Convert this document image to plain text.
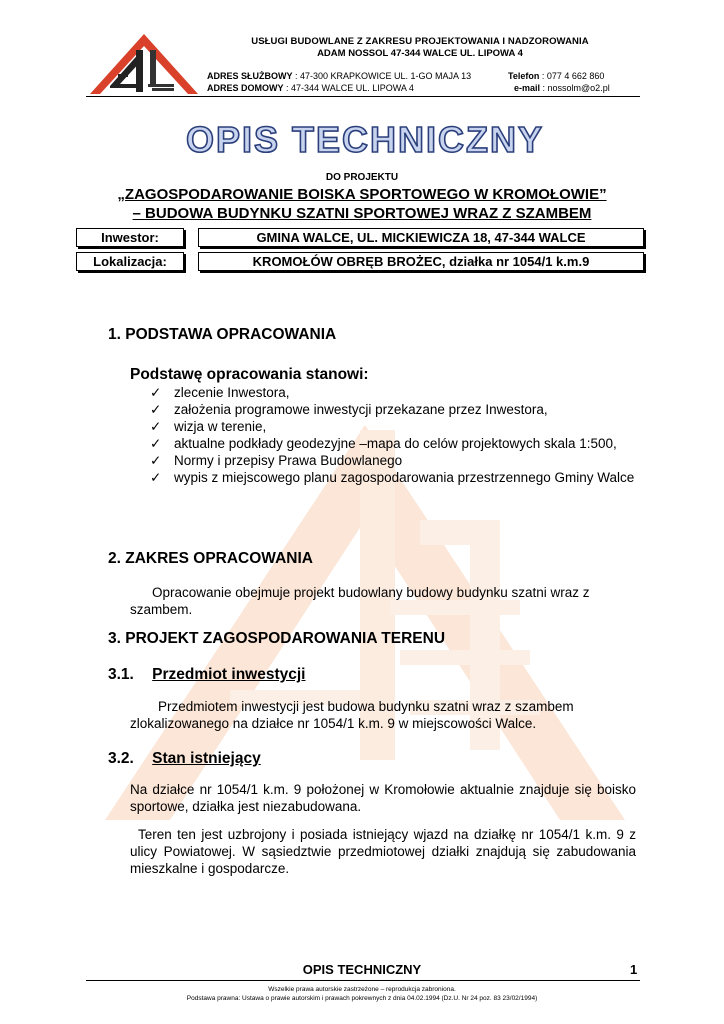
USŁUGI BUDOWLANE Z ZAKRESU PROJEKTOWANIA I NADZOROWANIA
ADAM NOSSOL 47-344 WALCE UL. LIPOWA 4
ADRES SŁUŻBOWY : 47-300 KRAPKOWICE UL. 1-GO MAJA 13
ADRES DOMOWY : 47-344 WALCE UL. LIPOWA 4
Telefon : 077 4 662 860
e-mail : nossolm@o2.pl
OPIS TECHNICZNY
DO PROJEKTU
„ZAGOSPODAROWANIE BOISKA SPORTOWEGO W KROMOŁOWIE”
– BUDOWA BUDYNKU SZATNI SPORTOWEJ WRAZ Z SZAMBEM
Inwestor:	GMINA WALCE, UL. MICKIEWICZA 18, 47-344 WALCE
Lokalizacja:	KROMOŁÓW OBRĘB BROŻEC, działka nr 1054/1 k.m.9
1. PODSTAWA OPRACOWANIA
Podstawę opracowania stanowi:
✓ zlecenie Inwestora,
✓ założenia programowe inwestycji przekazane przez Inwestora,
✓ wizja w terenie,
✓ aktualne podkłady geodezyjne –mapa do celów projektowych skala 1:500,
✓ Normy i przepisy Prawa Budowlanego
✓ wypis z miejscowego planu zagospodarowania przestrzennego Gminy Walce
2. ZAKRES OPRACOWANIA
Opracowanie obejmuje projekt budowlany budowy budynku szatni wraz z szambem.
3. PROJEKT ZAGOSPODAROWANIA TERENU
3.1. Przedmiot inwestycji
Przedmiotem inwestycji jest budowa budynku szatni wraz z szambem
zlokalizowanego na działce nr 1054/1 k.m. 9 w miejscowości Walce.
3.2. Stan istniejący
Na działce nr 1054/1 k.m. 9 położonej w Kromołowie aktualnie znajduje się boisko sportowe, działka jest niezabudowana.
Teren ten jest uzbrojony i posiada istniejący wjazd na działkę nr 1054/1 k.m. 9 z ulicy Powiatowej. W sąsiedztwie przedmiotowej działki znajdują się zabudowania mieszkalne i gospodarcze.
OPIS TECHNICZNY	1
Wszelkie prawa autorskie zastrzeżone – reprodukcja zabroniona.
Podstawa prawna: Ustawa o prawie autorskim i prawach pokrewnych z dnia 04.02.1994 (Dz.U. Nr 24 poz. 83 23/02/1994)
